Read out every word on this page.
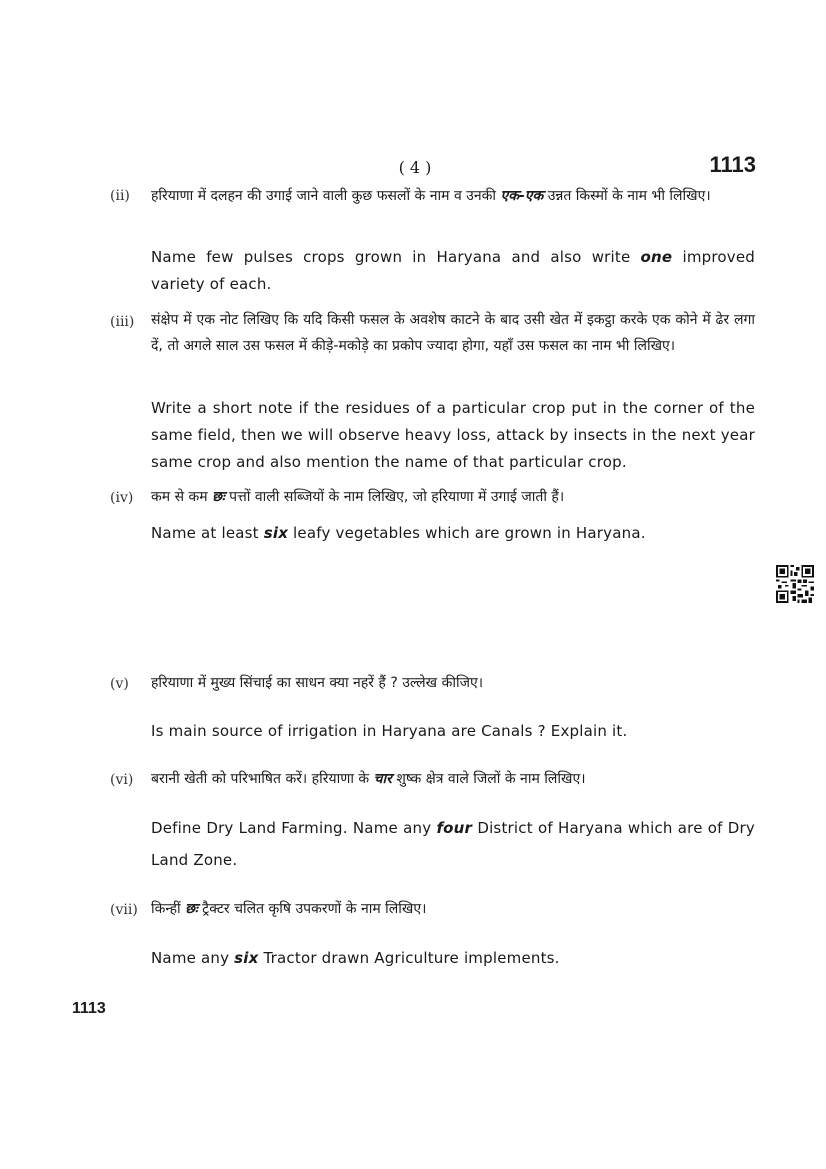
( 4 )	1113
(ii)	हरियाणा में दलहन की उगाई जाने वाली कुछ फसलों के नाम व उनकी एक-एक उन्नत किस्मों के नाम भी लिखिए।
Name few pulses crops grown in Haryana and also write one improved variety of each.
(iii)	संक्षेप में एक नोट लिखिए कि यदि किसी फसल के अवशेष काटने के बाद उसी खेत में इकट्ठा करके एक कोने में ढेर लगा दें, तो अगले साल उस फसल में कीड़े-मकोड़े का प्रकोप ज्यादा होगा, यहाँ उस फसल का नाम भी लिखिए।
Write a short note if the residues of a particular crop put in the corner of the same field, then we will observe heavy loss, attack by insects in the next year same crop and also mention the name of that particular crop.
(iv)	कम से कम छः पत्तों वाली सब्जियों के नाम लिखिए, जो हरियाणा में उगाई जाती हैं।
Name at least six leafy vegetables which are grown in Haryana.
(v)	हरियाणा में मुख्य सिंचाई का साधन क्या नहरें हैं ? उल्लेख कीजिए।
Is main source of irrigation in Haryana are Canals ? Explain it.
(vi)	बरानी खेती को परिभाषित करें। हरियाणा के चार शुष्क क्षेत्र वाले जिलों के नाम लिखिए।
Define Dry Land Farming. Name any four District of Haryana which are of Dry Land Zone.
(vii) किन्हीं छः ट्रैक्टर चलित कृषि उपकरणों के नाम लिखिए।
Name any six Tractor drawn Agriculture implements.
1113
